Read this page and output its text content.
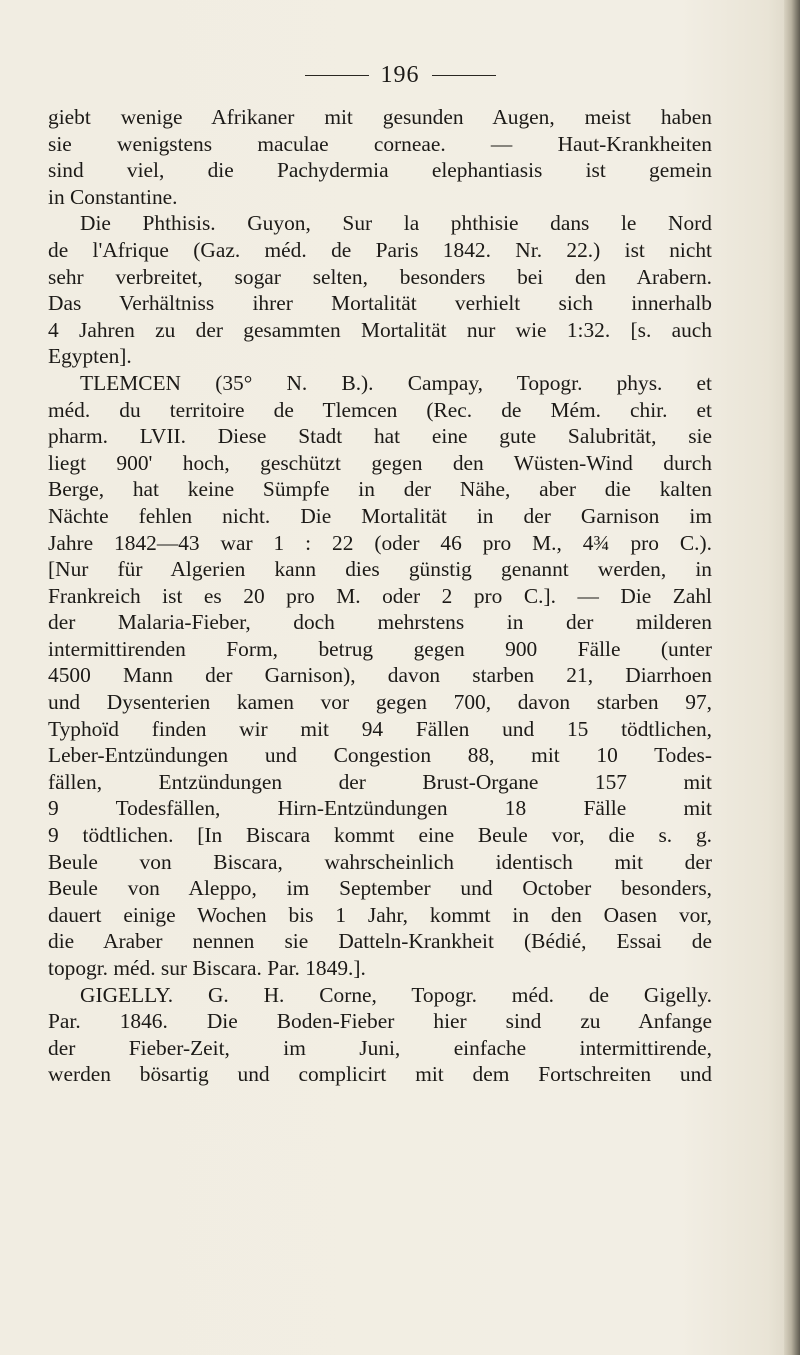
196
giebt wenige Afrikaner mit gesunden Augen, meist haben
sie wenigstens maculae corneae. — Haut-Krankheiten
sind viel, die Pachydermia elephantiasis ist gemein
in Constantine.
Die Phthisis. Guyon, Sur la phthisie dans le Nord
de l'Afrique (Gaz. méd. de Paris 1842. Nr. 22.) ist nicht
sehr verbreitet, sogar selten, besonders bei den Arabern.
Das Verhältniss ihrer Mortalität verhielt sich innerhalb
4 Jahren zu der gesammten Mortalität nur wie 1:32. [s. auch
Egypten].
TLEMCEN (35° N. B.). Campay, Topogr. phys. et
méd. du territoire de Tlemcen (Rec. de Mém. chir. et
pharm. LVII. Diese Stadt hat eine gute Salubrität, sie
liegt 900' hoch, geschützt gegen den Wüsten-Wind durch
Berge, hat keine Sümpfe in der Nähe, aber die kalten
Nächte fehlen nicht. Die Mortalität in der Garnison im
Jahre 1842—43 war 1 : 22 (oder 46 pro M., 4¾ pro C.).
[Nur für Algerien kann dies günstig genannt werden, in
Frankreich ist es 20 pro M. oder 2 pro C.]. — Die Zahl
der Malaria-Fieber, doch mehrstens in der milderen
intermittirenden Form, betrug gegen 900 Fälle (unter
4500 Mann der Garnison), davon starben 21, Diarrhoen
und Dysenterien kamen vor gegen 700, davon starben 97,
Typhoïd finden wir mit 94 Fällen und 15 tödtlichen,
Leber-Entzündungen und Congestion 88, mit 10 Todes-
fällen, Entzündungen der Brust-Organe 157 mit
9 Todesfällen, Hirn-Entzündungen 18 Fälle mit
9 tödtlichen. [In Biscara kommt eine Beule vor, die s. g.
Beule von Biscara, wahrscheinlich identisch mit der
Beule von Aleppo, im September und October besonders,
dauert einige Wochen bis 1 Jahr, kommt in den Oasen vor,
die Araber nennen sie Datteln-Krankheit (Bédié, Essai de
topogr. méd. sur Biscara. Par. 1849.].
GIGELLY. G. H. Corne, Topogr. méd. de Gigelly.
Par. 1846. Die Boden-Fieber hier sind zu Anfange
der Fieber-Zeit, im Juni, einfache intermittirende,
werden bösartig und complicirt mit dem Fortschreiten und
